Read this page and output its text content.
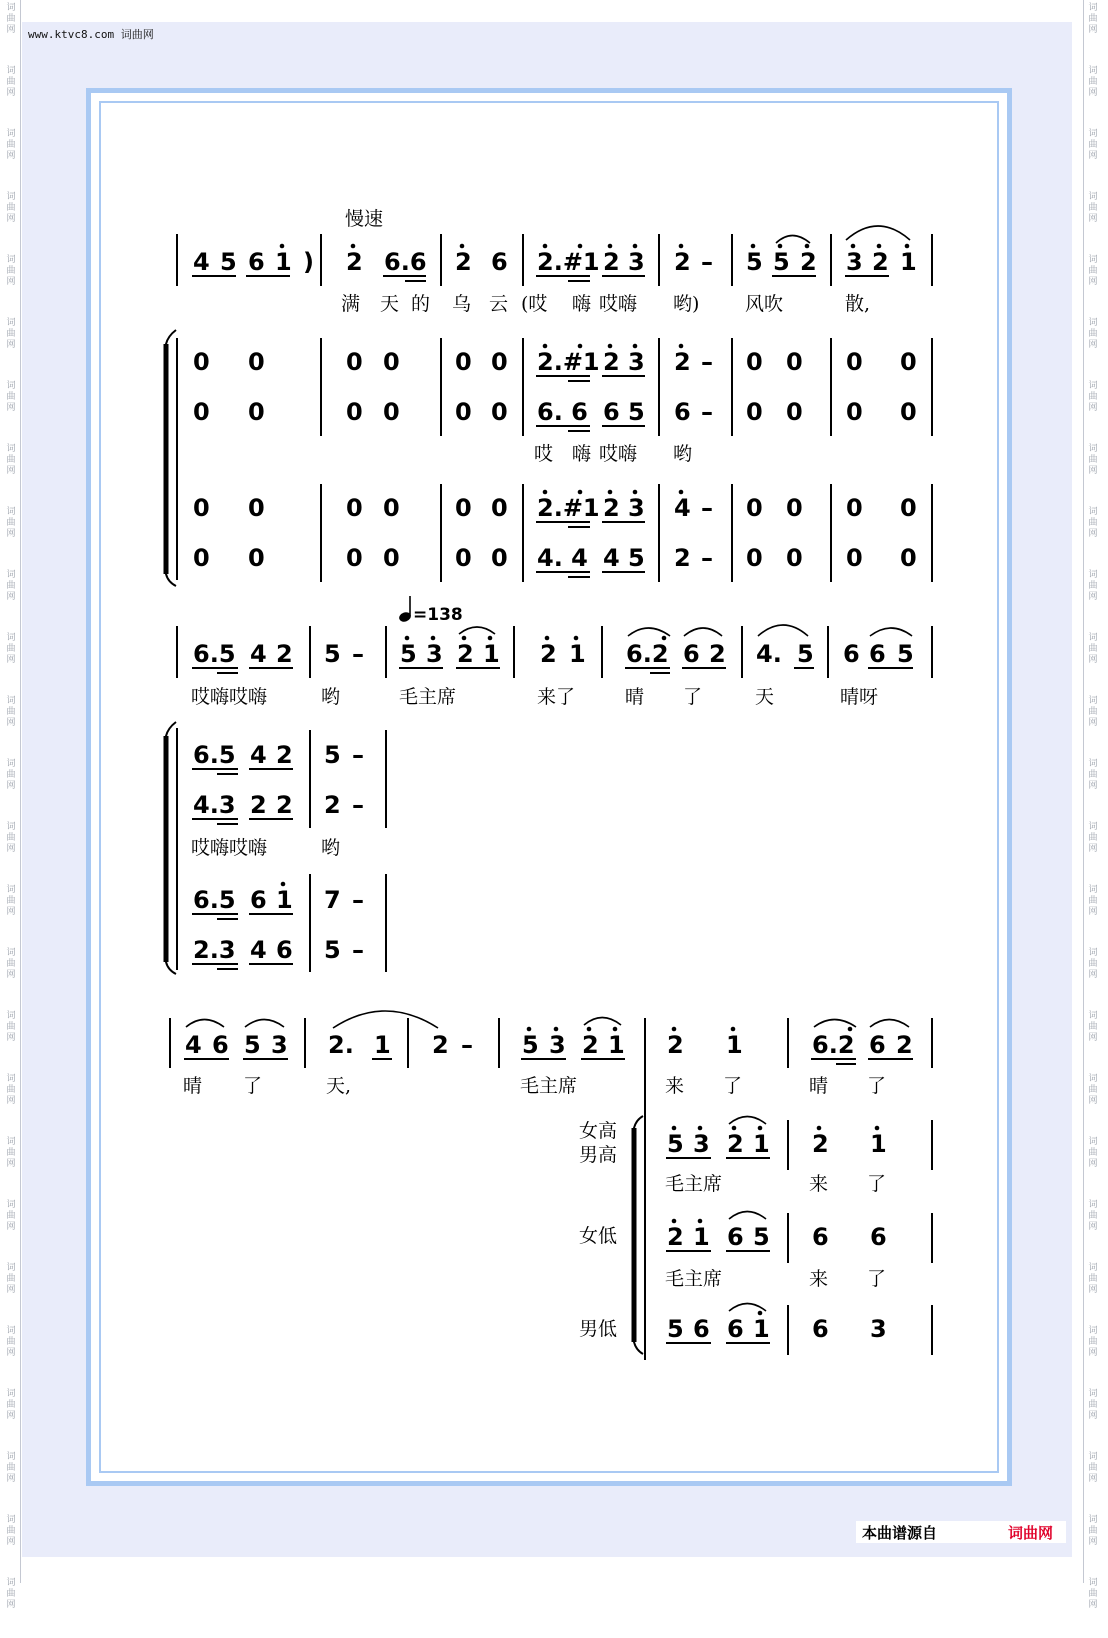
词
曲
网
词
曲
网
词
曲
网
词
曲
网
词
曲
网
词
曲
网
词
曲
网
词
曲
网
词
曲
网
词
曲
网
词
曲
网
词
曲
网
词
曲
网
词
曲
网
词
曲
网
词
曲
网
词
曲
网
词
曲
网
词
曲
网
词
曲
网
词
曲
网
词
曲
网
词
曲
网
词
曲
网
词
曲
网
词
曲
网
词
曲
网
词
曲
网
词
曲
网
词
曲
网
词
曲
网
词
曲
网
词
曲
网
词
曲
网
词
曲
网
词
曲
网
词
曲
网
词
曲
网
词
曲
网
词
曲
网
词
曲
网
词
曲
网
词
曲
网
词
曲
网
词
曲
网
词
曲
网
词
曲
网
词
曲
网
词
曲
网
词
曲
网
词
曲
网
词
曲
网
www.ktvc8.com 词曲网
慢速
4 5 6 1 ) 2 6.6 2 6 2.#1 2 3 2 – 5 5 2 3 2 1
满 天 的 乌 云 (哎 嗨 哎嗨 哟) 风吹	散,
0 0	0 0 0 0 2.#1 2 3 2 – 0 0 0 0
0 0	0 0 0 0 6. 6 6 5 6 – 0 0 0 0
哎 嗨 哎嗨 哟
0 0	0 0 0 0 2.#1 2 3 4 – 0 0 0 0
0 0	0 0 0 0 4. 4 4 5 2 – 0 0 0 0
=138
6.5 4 2 5 – 5 3 2 1 2 1 6.2 6 2 4. 5 6 6 5
哎嗨哎嗨	哟	毛主席	来了	晴 了	天	晴呀
6.5 4 2 5 –
4.3 2 2 2 –
哎嗨哎嗨	哟
6.5 6 1 7 –
2.3 4 6 5 –
4 6 5 3 2. 1 2 – 5 3 2 1 2 1	6.2 6 2
晴 了	天,	毛主席	来 了	晴 了
女高
男高
女低
男低
5 3 2 1 2 1
毛主席	来 了
2 1 6 5 6 6
毛主席	来 了
5 6 6 1 6 3
本曲谱源自	词曲网
